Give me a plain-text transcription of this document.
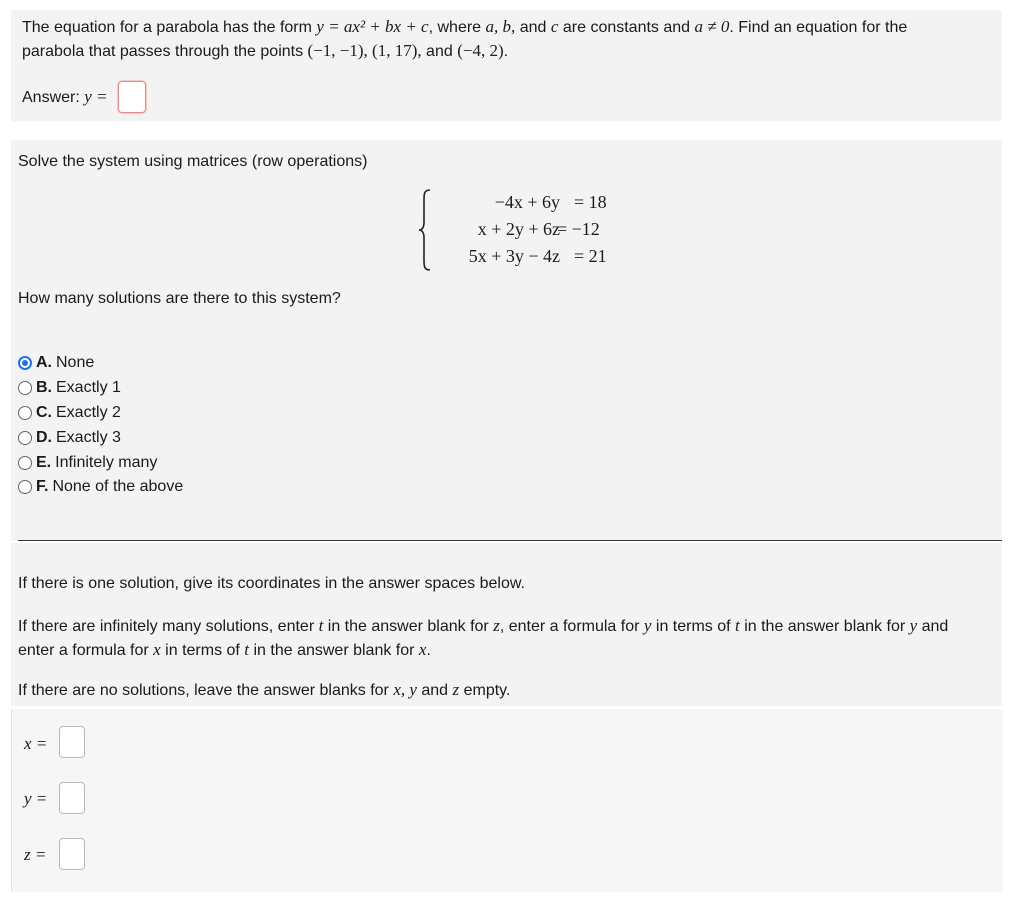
The equation for a parabola has the form y = ax² + bx + c, where a, b, and c are constants and a ≠ 0. Find an equation for the
parabola that passes through the points (−1, −1), (1, 17), and (−4, 2).
Answer: y =
Solve the system using matrices (row operations)
−4x + 6y = 18
x + 2y + 6z
= −12
5x + 3y − 4z = 21
How many solutions are there to this system?
A. None
B. Exactly 1
C. Exactly 2
D. Exactly 3
E. Infinitely many
F. None of the above
If there is one solution, give its coordinates in the answer spaces below.
If there are infinitely many solutions, enter t in the answer blank for z, enter a formula for y in terms of t in the answer blank for y and
enter a formula for x in terms of t in the answer blank for x.
If there are no solutions, leave the answer blanks for x, y and z empty.
x =
y =
z =
